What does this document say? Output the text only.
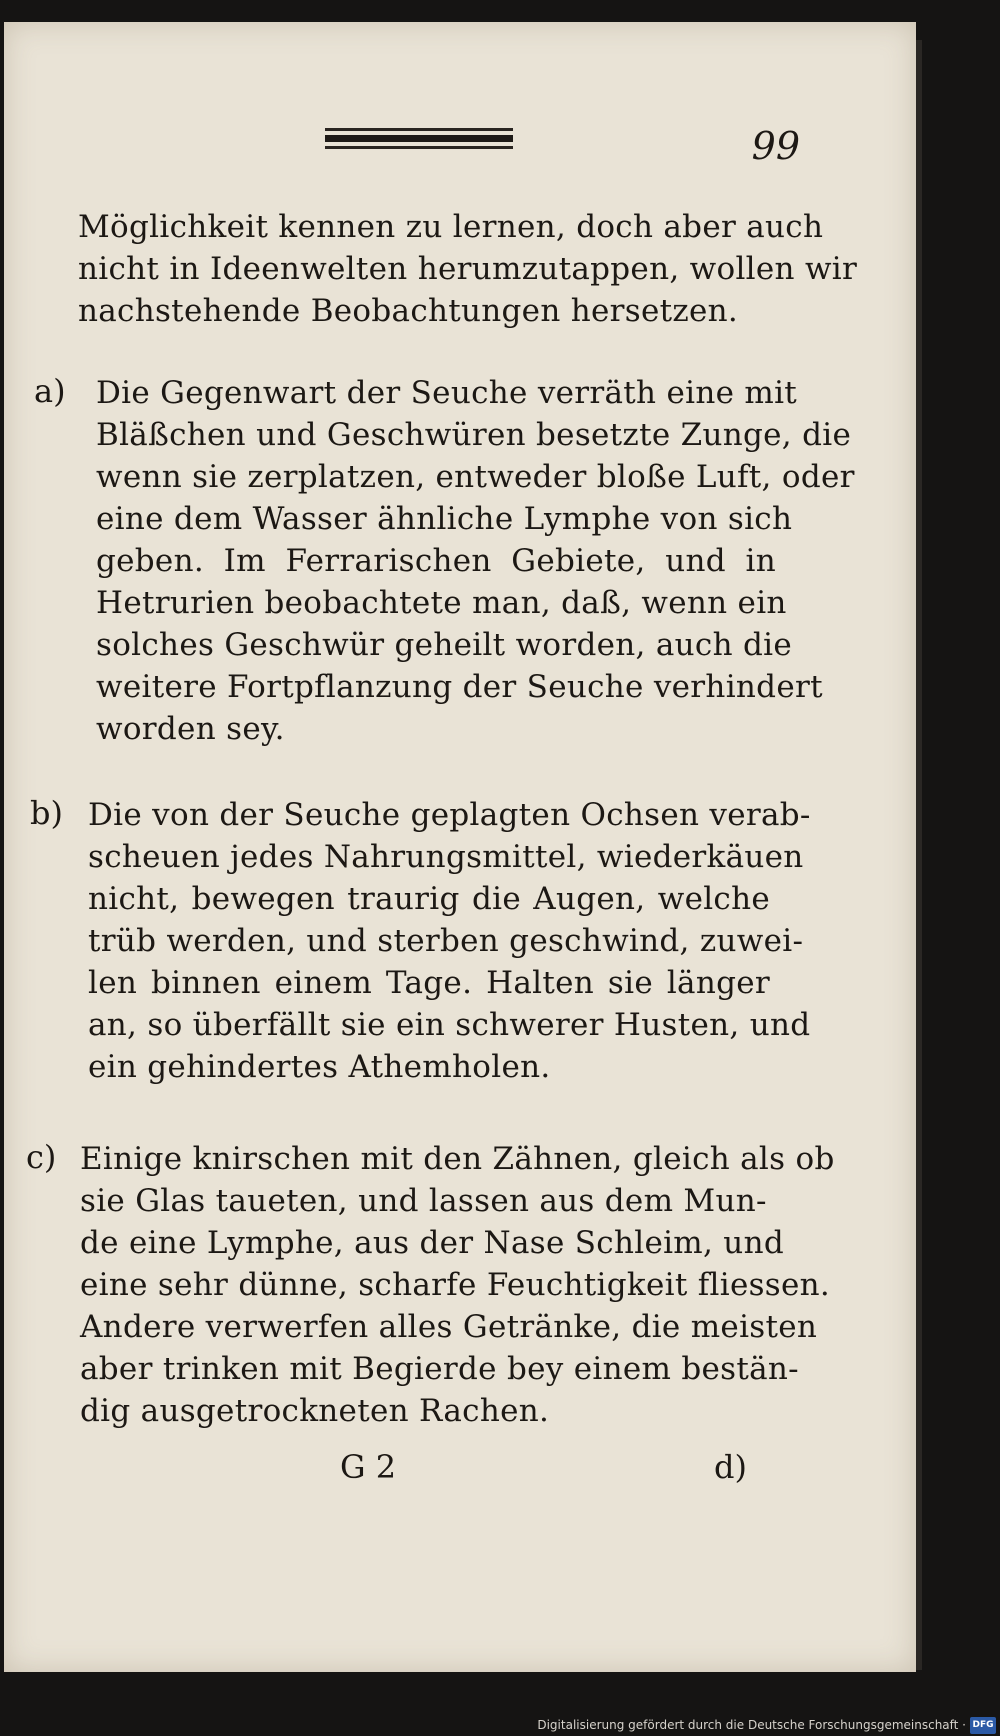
99
Möglichkeit kennen zu lernen, doch aber auch
nicht in Ideenwelten herumzutappen, wollen wir
nachstehende Beobachtungen hersetzen.
a) Die Gegenwart der Seuche verräth eine mit
Bläßchen und Geschwüren besetzte Zunge, die
wenn sie zerplatzen, entweder bloße Luft, oder
eine dem Wasser ähnliche Lymphe von sich
geben. Im Ferrarischen Gebiete, und in
Hetrurien beobachtete man, daß, wenn ein
solches Geschwür geheilt worden, auch die
weitere Fortpflanzung der Seuche verhindert
worden sey.
b) Die von der Seuche geplagten Ochsen verab-
scheuen jedes Nahrungsmittel, wiederkäuen
nicht, bewegen traurig die Augen, welche
trüb werden, und sterben geschwind, zuwei-
len binnen einem Tage. Halten sie länger
an, so überfällt sie ein schwerer Husten, und
ein gehindertes Athemholen.
c) Einige knirschen mit den Zähnen, gleich als ob
sie Glas taueten, und lassen aus dem Mun-
de eine Lymphe, aus der Nase Schleim, und
eine sehr dünne, scharfe Feuchtigkeit fliessen.
Andere verwerfen alles Getränke, die meisten
aber trinken mit Begierde bey einem bestän-
dig ausgetrockneten Rachen.
G 2	d)
Digitalisierung gefördert durch die Deutsche Forschungsgemeinschaft · DFG
